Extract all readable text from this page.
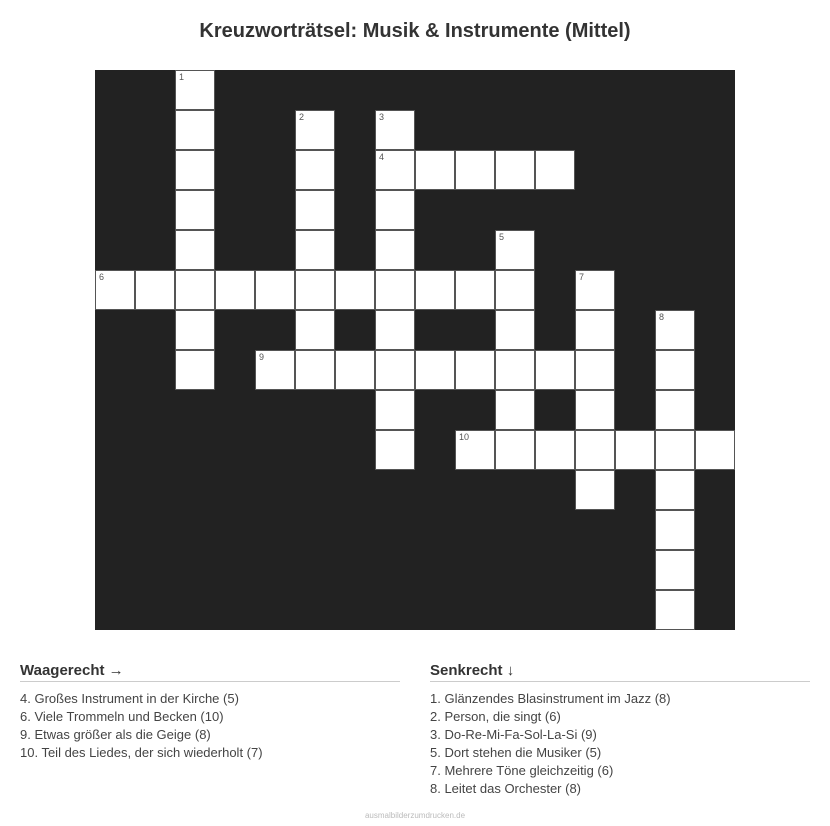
Kreuzworträtsel: Musik & Instrumente (Mittel)
1
2	3
4
5
6	7
8
9
10
Waagerecht →
4. Großes Instrument in der Kirche (5)
6. Viele Trommeln und Becken (10)
9. Etwas größer als die Geige (8)
10. Teil des Liedes, der sich wiederholt (7)
Senkrecht ↓
1. Glänzendes Blasinstrument im Jazz (8)
2. Person, die singt (6)
3. Do-Re-Mi-Fa-Sol-La-Si (9)
5. Dort stehen die Musiker (5)
7. Mehrere Töne gleichzeitig (6)
8. Leitet das Orchester (8)
ausmalbilderzumdrucken.de
